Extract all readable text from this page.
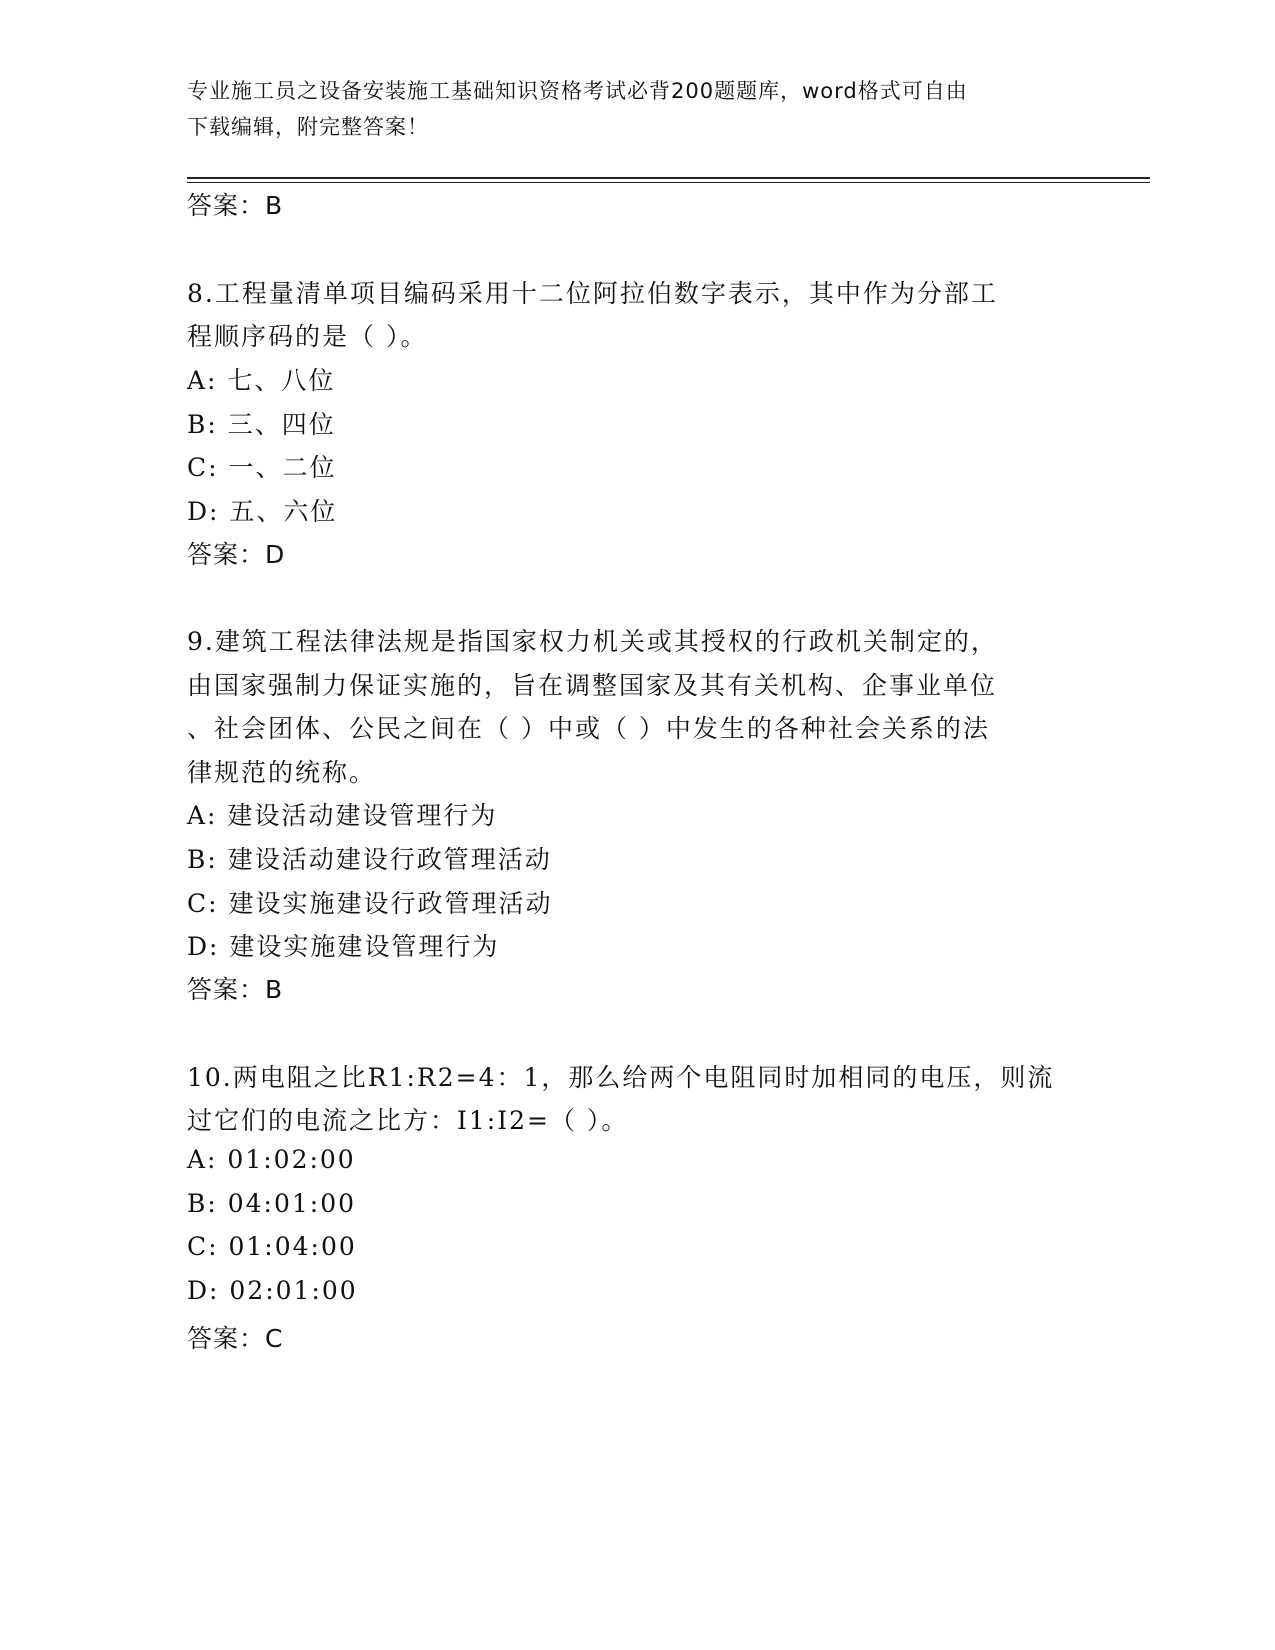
专业施工员之设备安装施工基础知识资格考试必背200题题库，word格式可自由
下载编辑，附完整答案！
答案：B
8.工程量清单项目编码采用十二位阿拉伯数字表示，其中作为分部工
程顺序码的是（ ）。
A: 七、八位
B: 三、四位
C: 一、二位
D: 五、六位
答案：D
9.建筑工程法律法规是指国家权力机关或其授权的行政机关制定的，
由国家强制力保证实施的，旨在调整国家及其有关机构、企事业单位
、社会团体、公民之间在（ ）中或（ ）中发生的各种社会关系的法
律规范的统称。
A: 建设活动建设管理行为
B: 建设活动建设行政管理活动
C: 建设实施建设行政管理活动
D: 建设实施建设管理行为
答案：B
10.两电阻之比R1:R2=4：1，那么给两个电阻同时加相同的电压，则流
过它们的电流之比方：I1:I2=（ ）。
A: 01:02:00
B: 04:01:00
C: 01:04:00
D: 02:01:00
答案：C
